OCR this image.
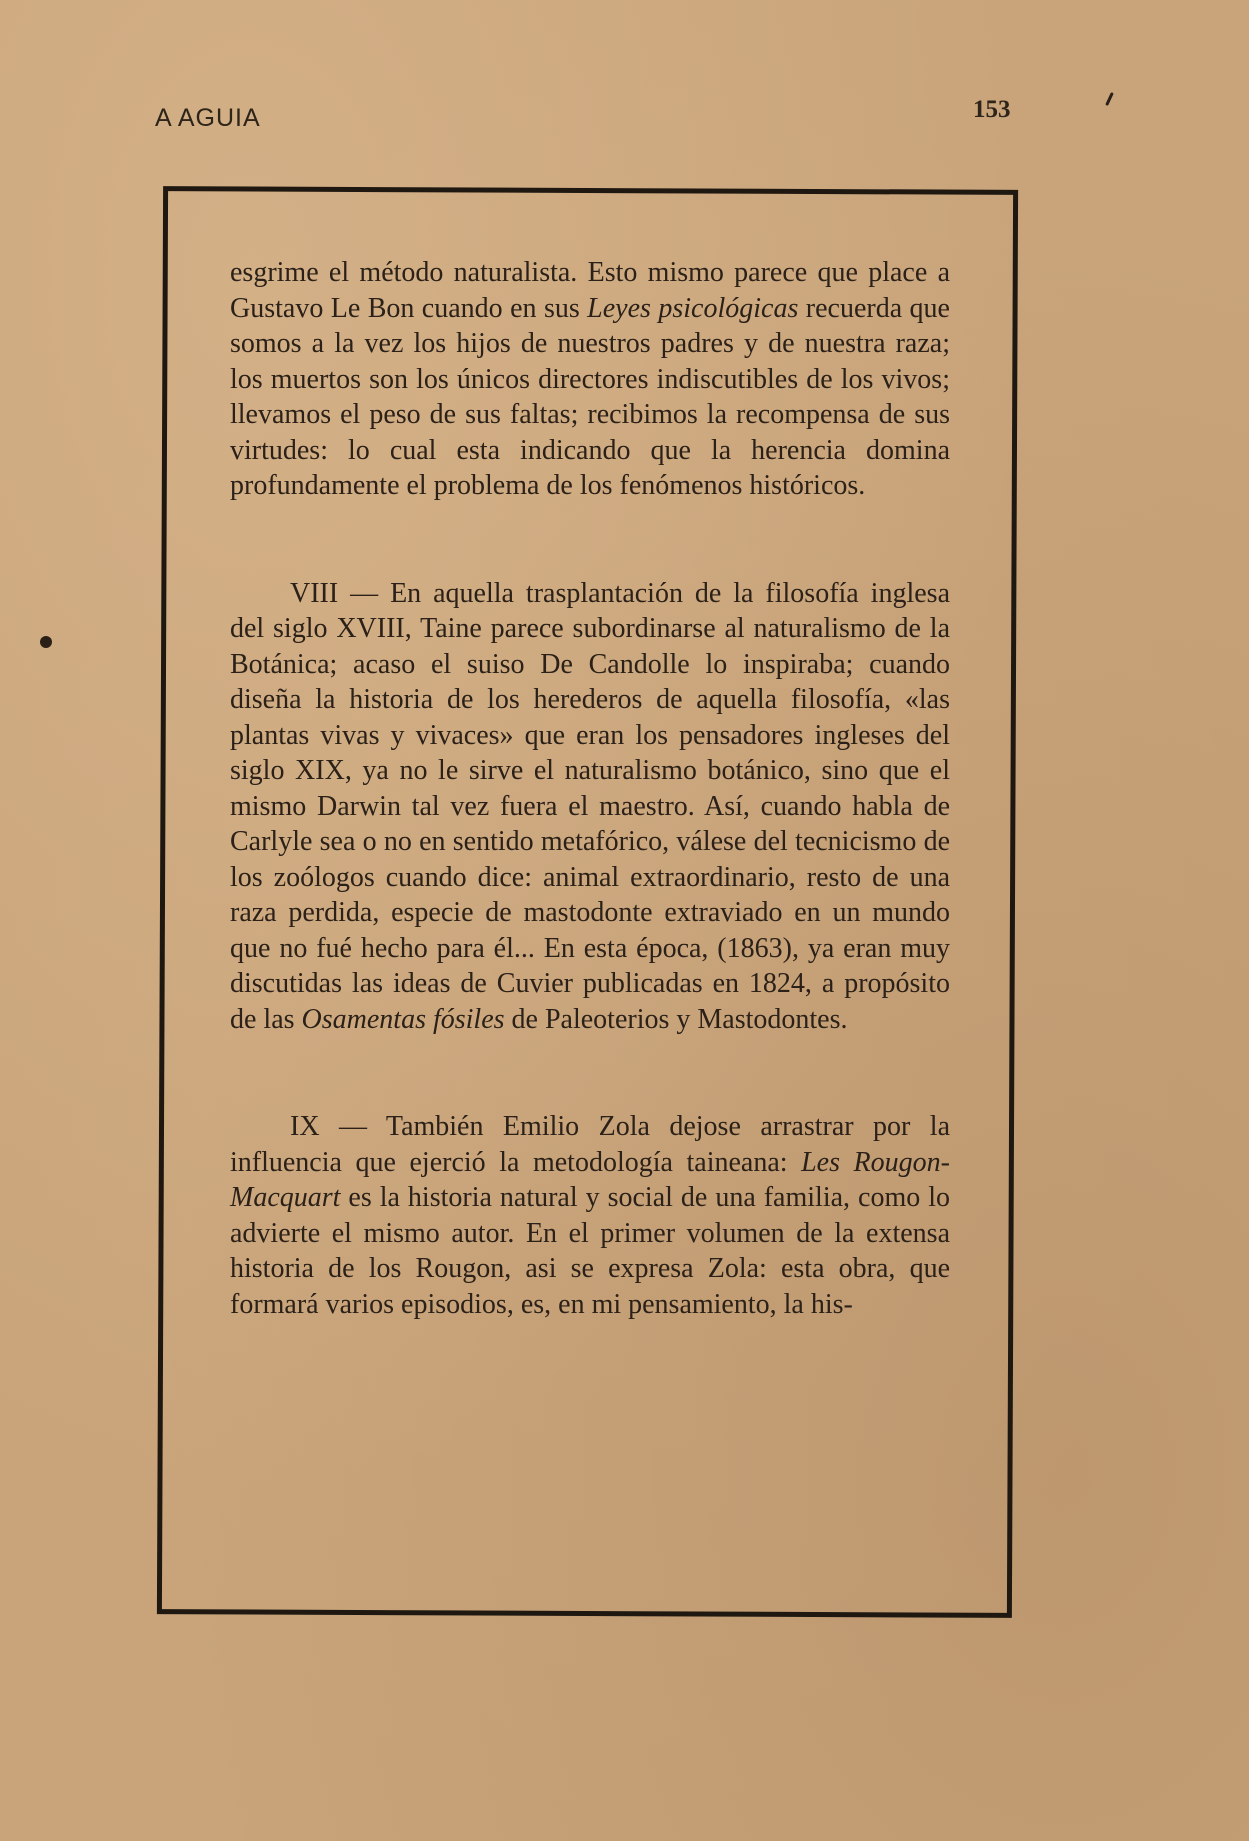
A AGUIA	153

esgrime el método naturalista. Esto mismo parece que place a Gustavo Le Bon cuando en sus Leyes psicológicas recuerda que somos a la vez los hijos de nuestros padres y de nuestra raza; los muertos son los únicos directores indiscutibles de los vivos; llevamos el peso de sus faltas; recibimos la recompensa de sus virtudes: lo cual esta indicando que la herencia domina profundamente el problema de los fenómenos históricos.

VIII — En aquella trasplantación de la filosofía inglesa del siglo XVIII, Taine parece subordinarse al naturalismo de la Botánica; acaso el suiso De Candolle lo inspiraba; cuando diseña la historia de los herederos de aquella filosofía, «las plantas vivas y vivaces» que eran los pensadores ingleses del siglo XIX, ya no le sirve el naturalismo botánico, sino que el mismo Darwin tal vez fuera el maestro. Así, cuando habla de Carlyle sea o no en sentido metafórico, válese del tecnicismo de los zoólogos cuando dice: animal extraordinario, resto de una raza perdida, especie de mastodonte extraviado en un mundo que no fué hecho para él... En esta época, (1863), ya eran muy discutidas las ideas de Cuvier publicadas en 1824, a propósito de las Osamentas fósiles de Paleoterios y Mastodontes.

IX — También Emilio Zola dejose arrastrar por la influencia que ejerció la metodología taineana: Les Rougon-Macquart es la historia natural y social de una familia, como lo advierte el mismo autor. En el primer volumen de la extensa historia de los Rougon, asi se expresa Zola: esta obra, que formará varios episodios, es, en mi pensamiento, la his-
